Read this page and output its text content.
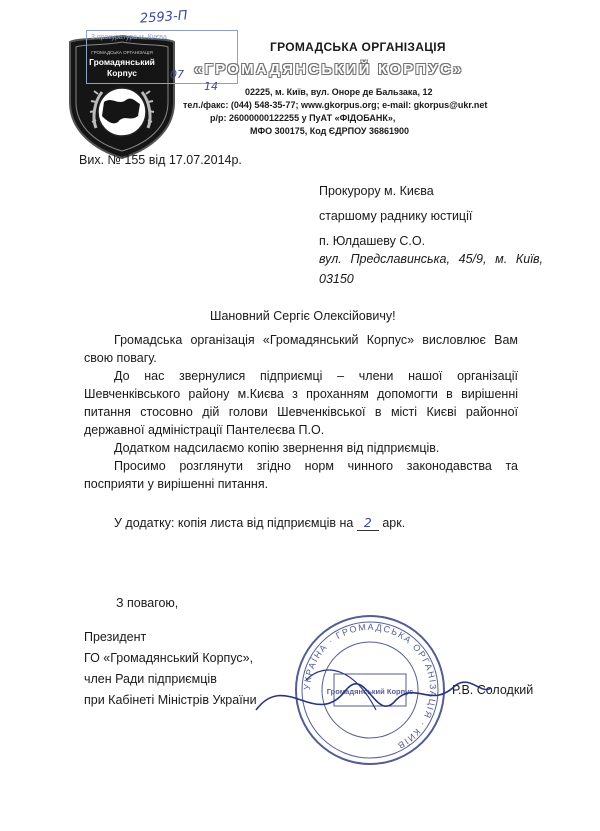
ГРОМАДСЬКА ОРГАНІЗАЦІЯ
Громадянський
Корпус
2593-П
3 прокуратура м. Києва
07
14
ГРОМАДСЬКА ОРГАНІЗАЦІЯ
«ГРОМАДЯНСЬКИЙ КОРПУС»
02225, м. Київ, вул. Оноре де Бальзака, 12
тел./факс: (044) 548-35-77; www.gkorpus.org; e-mail: gkorpus@ukr.net
р/р: 26000000122255 у ПуАТ «ФІДОБАНК»,
МФО 300175, Код ЄДРПОУ 36861900
Вих. № 155 від 17.07.2014р.
Прокурору м. Києва
старшому раднику юстиції
п. Юлдашеву С.О.
вул. Предславинська, 45/9, м. Київ,
03150
Шановний Сергіє Олексійовичу!

Громадська організація «Громадянський Корпус» висловлює Вам свою повагу.

До нас звернулися підприємці – члени нашої організації Шевченківського району м.Києва з проханням допомогти в вирішенні питання стосовно дій голови Шевченківської в місті Києві районної державної адміністрації Пантелеєва П.О.

Додатком надсилаємо копію звернення від підприємців.

Просимо розглянути згідно норм чинного законодавства та посприяти у вирішенні питання.

У додатку: копія листа від підприємців на 2 арк.
З повагою,
Президент
ГО «Громадянський Корпус»,
член Ради підприємців
при Кабінеті Міністрів України
Р.В. Солодкий
УКРАЇНА · ГРОМАДСЬКА ОРГАНІЗАЦІЯ · КИЇВ
Громадянський Корпус
